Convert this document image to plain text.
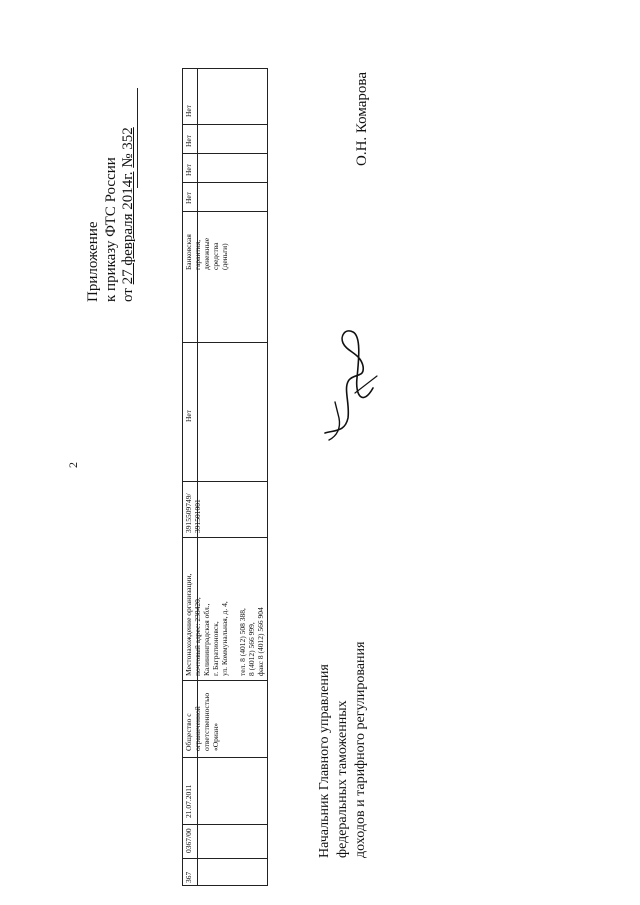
2
Приложение к приказу ФТС России от 27 февраля 2014г. № 352
367
0367/00
21.07.2011
Общество с ограниченной ответственностью «Ориан»
Местонахождение организации, почтовый адрес: 238420, Калининградская обл., г. Багратионовск, ул. Коммунальная, д. 4,
тел. 8 (4012) 508 388, 8 (4012) 566 999, факс 8 (4012) 566 904
3915509749/ 391501001
Нет
Банковская гарантия, денежные средства (деньги)
Нет
Нет
Нет
Нет
Начальник Главного управления федеральных таможенных доходов и тарифного регулирования
О.Н. Комарова
